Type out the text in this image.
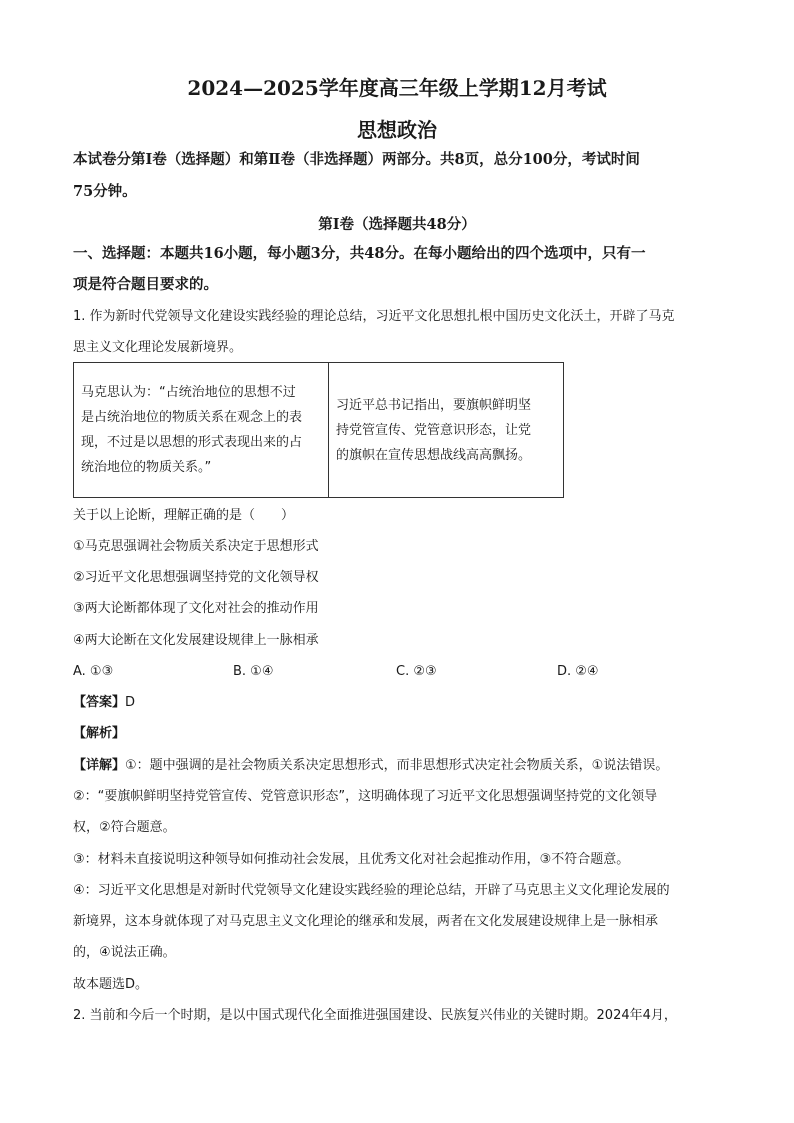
2024—2025学年度高三年级上学期12月考试
思想政治
本试卷分第Ⅰ卷（选择题）和第Ⅱ卷（非选择题）两部分。共8页，总分100分，考试时间
75分钟。
第Ⅰ卷（选择题共48分）
一、选择题：本题共16小题，每小题3分，共48分。在每小题给出的四个选项中，只有一
项是符合题目要求的。
1. 作为新时代党领导文化建设实践经验的理论总结，习近平文化思想扎根中国历史文化沃土，开辟了马克
思主义文化理论发展新境界。
马克思认为：“占统治地位的思想不过
是占统治地位的物质关系在观念上的表
现，不过是以思想的形式表现出来的占
统治地位的物质关系。”

习近平总书记指出，要旗帜鲜明坚
持党管宣传、党管意识形态，让党
的旗帜在宣传思想战线高高飘扬。
关于以上论断，理解正确的是（　　）
①马克思强调社会物质关系决定于思想形式
②习近平文化思想强调坚持党的文化领导权
③两大论断都体现了文化对社会的推动作用
④两大论断在文化发展建设规律上一脉相承
A. ①③	B. ①④	C. ②③	D. ②④
【答案】D
【解析】
【详解】①：题中强调的是社会物质关系决定思想形式，而非思想形式决定社会物质关系，①说法错误。
②：“要旗帜鲜明坚持党管宣传、党管意识形态”，这明确体现了习近平文化思想强调坚持党的文化领导
权，②符合题意。
③：材料未直接说明这种领导如何推动社会发展，且优秀文化对社会起推动作用，③不符合题意。
④：习近平文化思想是对新时代党领导文化建设实践经验的理论总结，开辟了马克思主义文化理论发展的
新境界，这本身就体现了对马克思主义文化理论的继承和发展，两者在文化发展建设规律上是一脉相承
的，④说法正确。
故本题选D。
2. 当前和今后一个时期，是以中国式现代化全面推进强国建设、民族复兴伟业的关键时期。2024年4月，
